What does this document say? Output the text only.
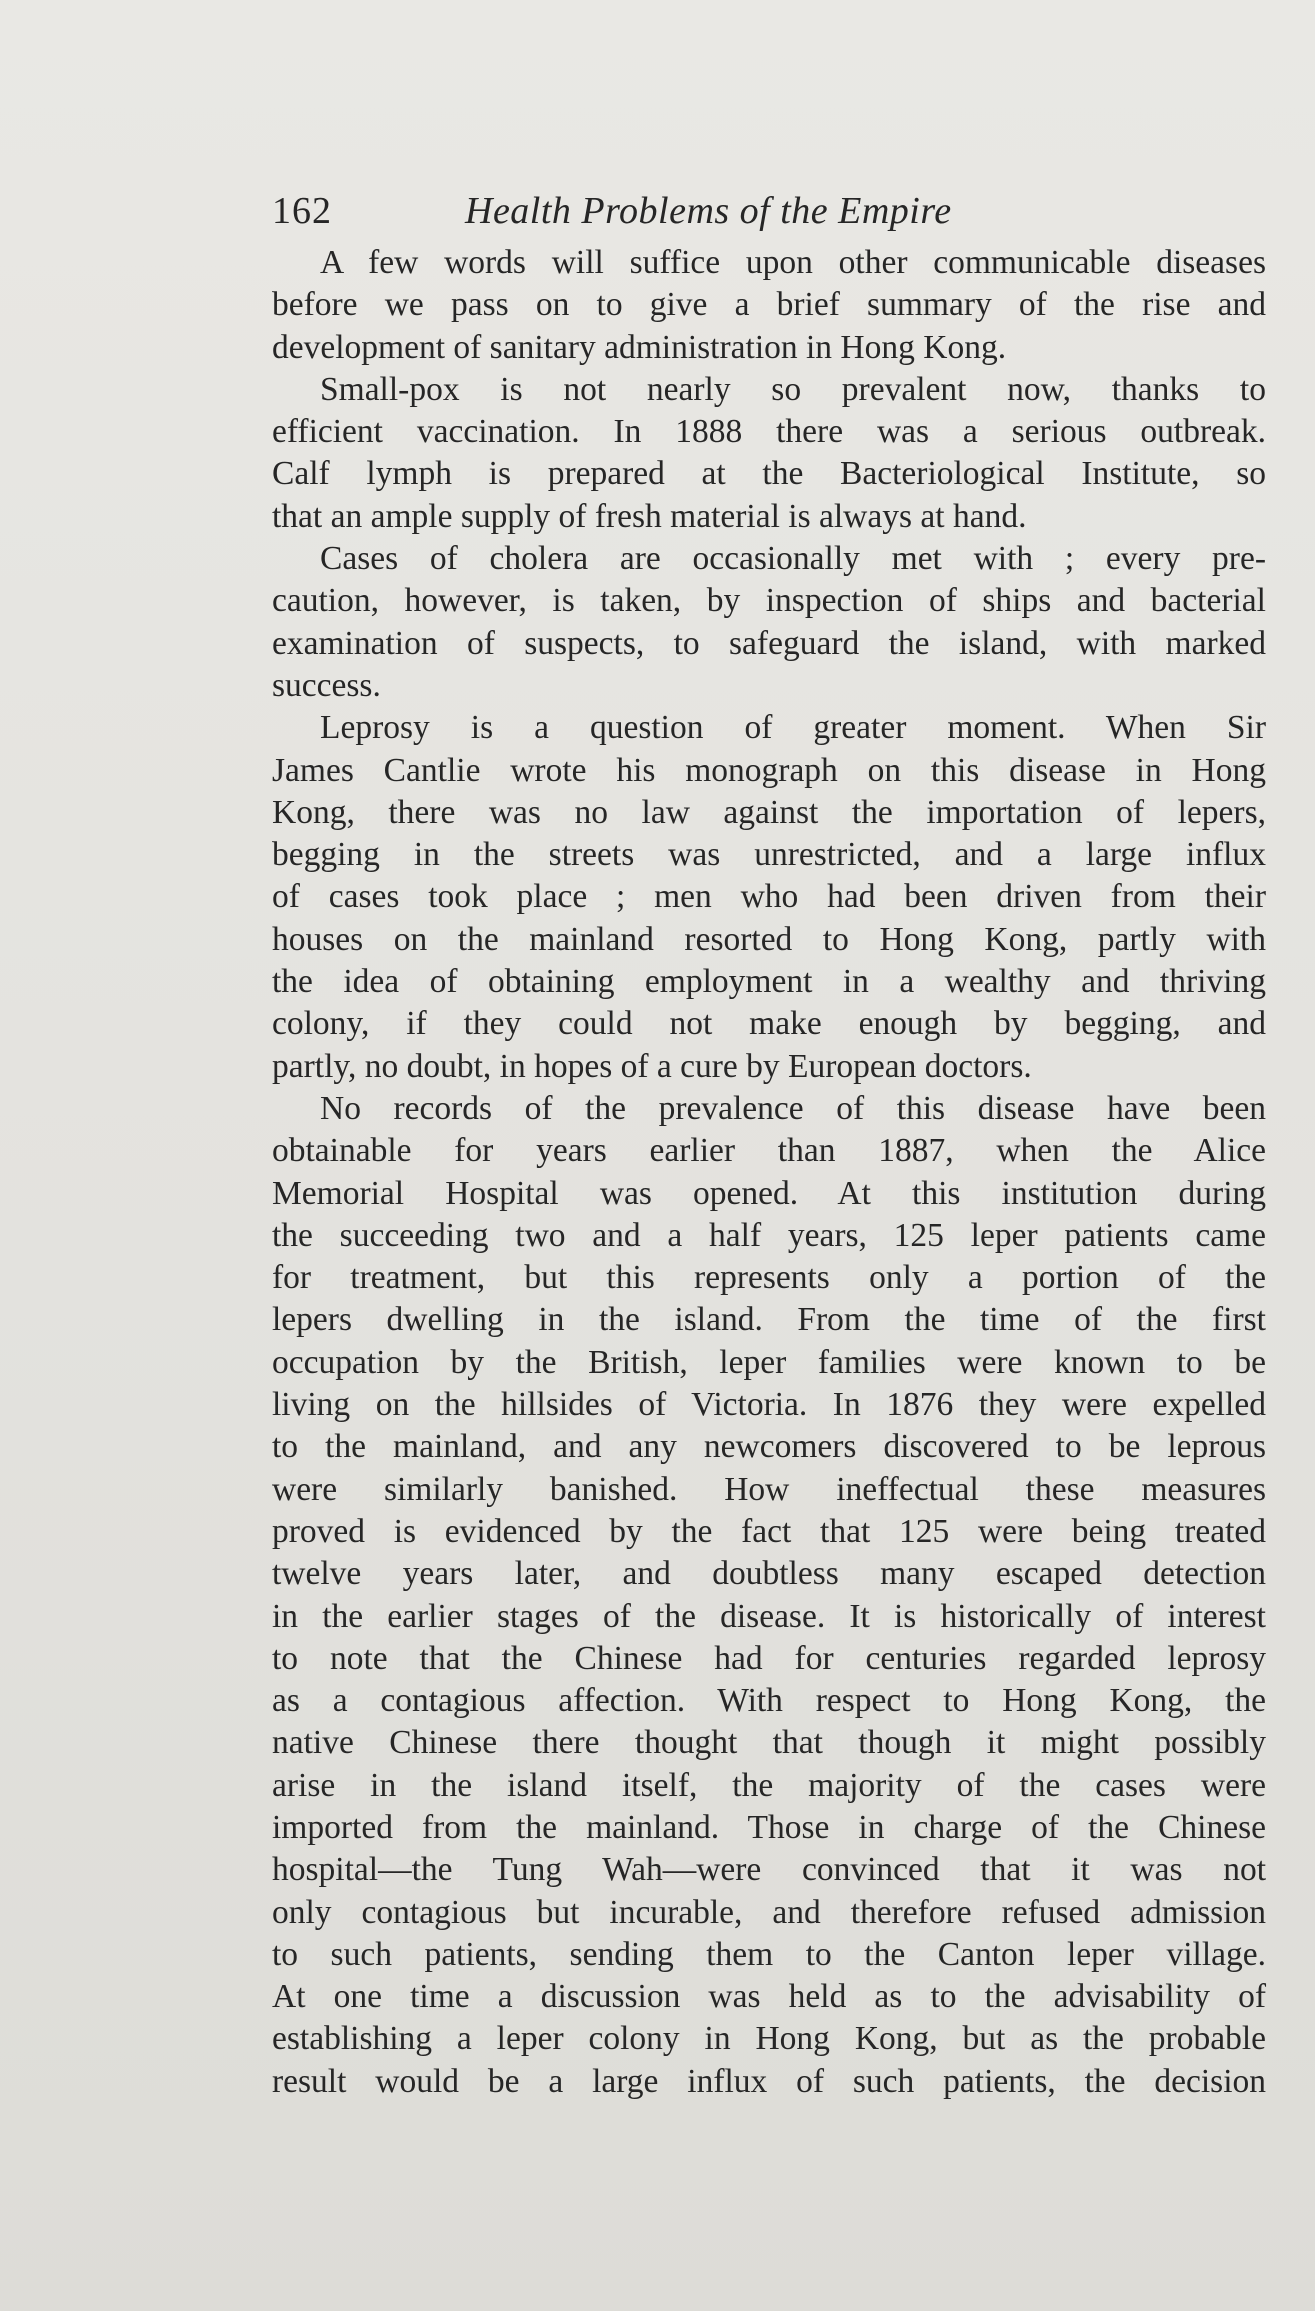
162	Health Problems of the Empire
A few words will suffice upon other communicable diseases
before we pass on to give a brief summary of the rise and
development of sanitary administration in Hong Kong.
Small-pox is not nearly so prevalent now, thanks to
efficient vaccination. In 1888 there was a serious outbreak.
Calf lymph is prepared at the Bacteriological Institute, so
that an ample supply of fresh material is always at hand.
Cases of cholera are occasionally met with ; every pre-
caution, however, is taken, by inspection of ships and bacterial
examination of suspects, to safeguard the island, with marked
success.
Leprosy is a question of greater moment. When Sir
James Cantlie wrote his monograph on this disease in Hong
Kong, there was no law against the importation of lepers,
begging in the streets was unrestricted, and a large influx
of cases took place ; men who had been driven from their
houses on the mainland resorted to Hong Kong, partly with
the idea of obtaining employment in a wealthy and thriving
colony, if they could not make enough by begging, and
partly, no doubt, in hopes of a cure by European doctors.
No records of the prevalence of this disease have been
obtainable for years earlier than 1887, when the Alice
Memorial Hospital was opened. At this institution during
the succeeding two and a half years, 125 leper patients came
for treatment, but this represents only a portion of the
lepers dwelling in the island. From the time of the first
occupation by the British, leper families were known to be
living on the hillsides of Victoria. In 1876 they were expelled
to the mainland, and any newcomers discovered to be leprous
were similarly banished. How ineffectual these measures
proved is evidenced by the fact that 125 were being treated
twelve years later, and doubtless many escaped detection
in the earlier stages of the disease. It is historically of interest
to note that the Chinese had for centuries regarded leprosy
as a contagious affection. With respect to Hong Kong, the
native Chinese there thought that though it might possibly
arise in the island itself, the majority of the cases were
imported from the mainland. Those in charge of the Chinese
hospital—the Tung Wah—were convinced that it was not
only contagious but incurable, and therefore refused admission
to such patients, sending them to the Canton leper village.
At one time a discussion was held as to the advisability of
establishing a leper colony in Hong Kong, but as the probable
result would be a large influx of such patients, the decision
